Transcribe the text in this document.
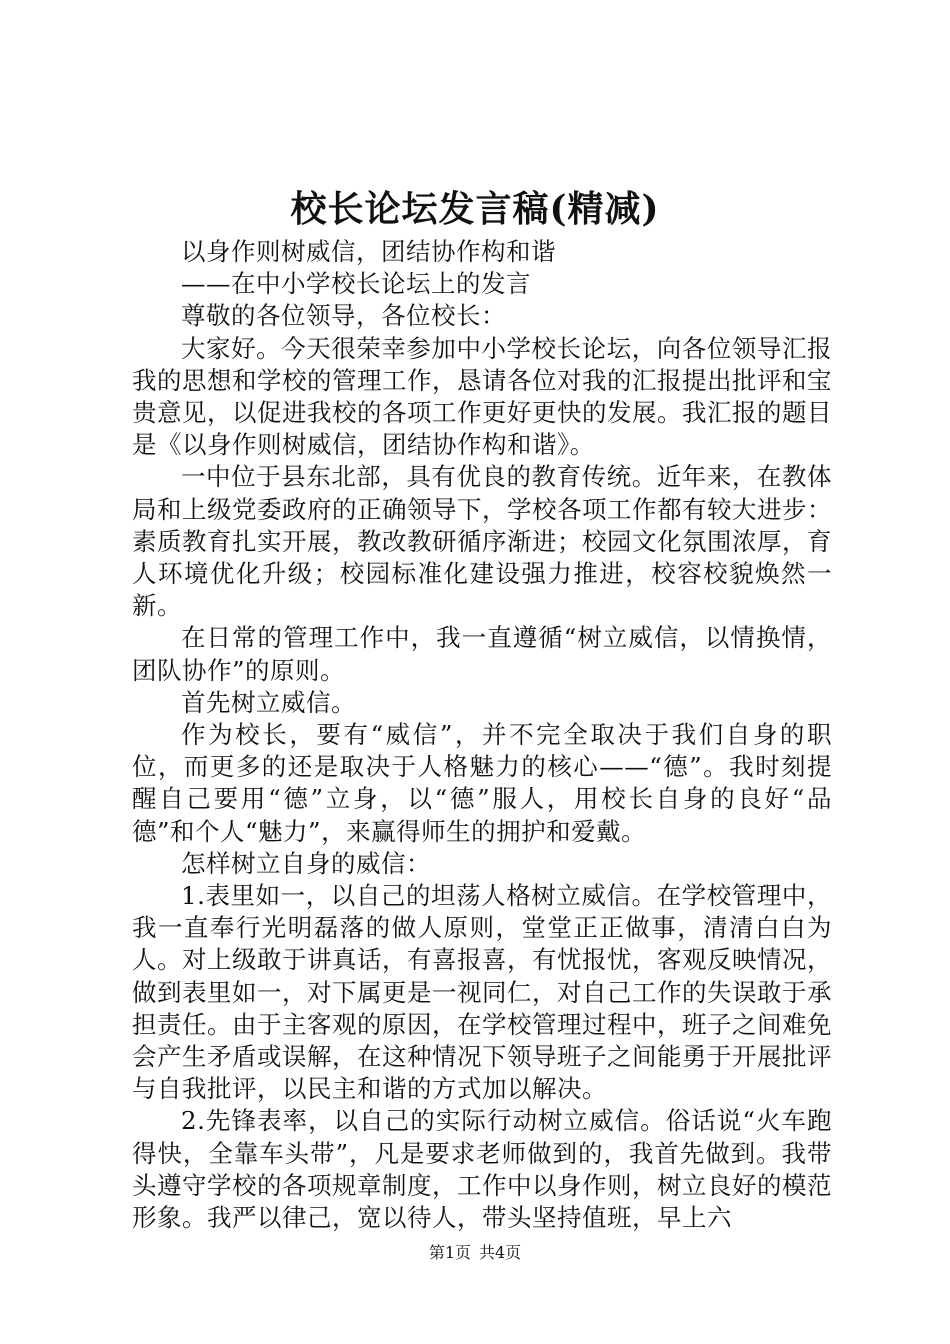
校长论坛发言稿(精减)

以身作则树威信，团结协作构和谐

——在中小学校长论坛上的发言

尊敬的各位领导，各位校长：

大家好。今天很荣幸参加中小学校长论坛，向各位领导汇报我的思想和学校的管理工作，恳请各位对我的汇报提出批评和宝贵意见，以促进我校的各项工作更好更快的发展。我汇报的题目是《以身作则树威信，团结协作构和谐》。

一中位于县东北部，具有优良的教育传统。近年来，在教体局和上级党委政府的正确领导下，学校各项工作都有较大进步：素质教育扎实开展，教改教研循序渐进；校园文化氛围浓厚，育人环境优化升级；校园标准化建设强力推进，校容校貌焕然一新。

在日常的管理工作中，我一直遵循“树立威信，以情换情，团队协作”的原则。

首先树立威信。

作为校长，要有“威信”，并不完全取决于我们自身的职位，而更多的还是取决于人格魅力的核心——“德”。我时刻提醒自己要用“德”立身，以“德”服人，用校长自身的良好“品德”和个人“魅力”，来赢得师生的拥护和爱戴。

怎样树立自身的威信：

1.表里如一，以自己的坦荡人格树立威信。在学校管理中，我一直奉行光明磊落的做人原则，堂堂正正做事，清清白白为人。对上级敢于讲真话，有喜报喜，有忧报忧，客观反映情况，做到表里如一，对下属更是一视同仁，对自己工作的失误敢于承担责任。由于主客观的原因，在学校管理过程中，班子之间难免会产生矛盾或误解，在这种情况下领导班子之间能勇于开展批评与自我批评，以民主和谐的方式加以解决。

2.先锋表率，以自己的实际行动树立威信。俗话说“火车跑得快，全靠车头带”，凡是要求老师做到的，我首先做到。我带头遵守学校的各项规章制度，工作中以身作则，树立良好的模范形象。我严以律己，宽以待人，带头坚持值班，早上六

第1页 共4页
